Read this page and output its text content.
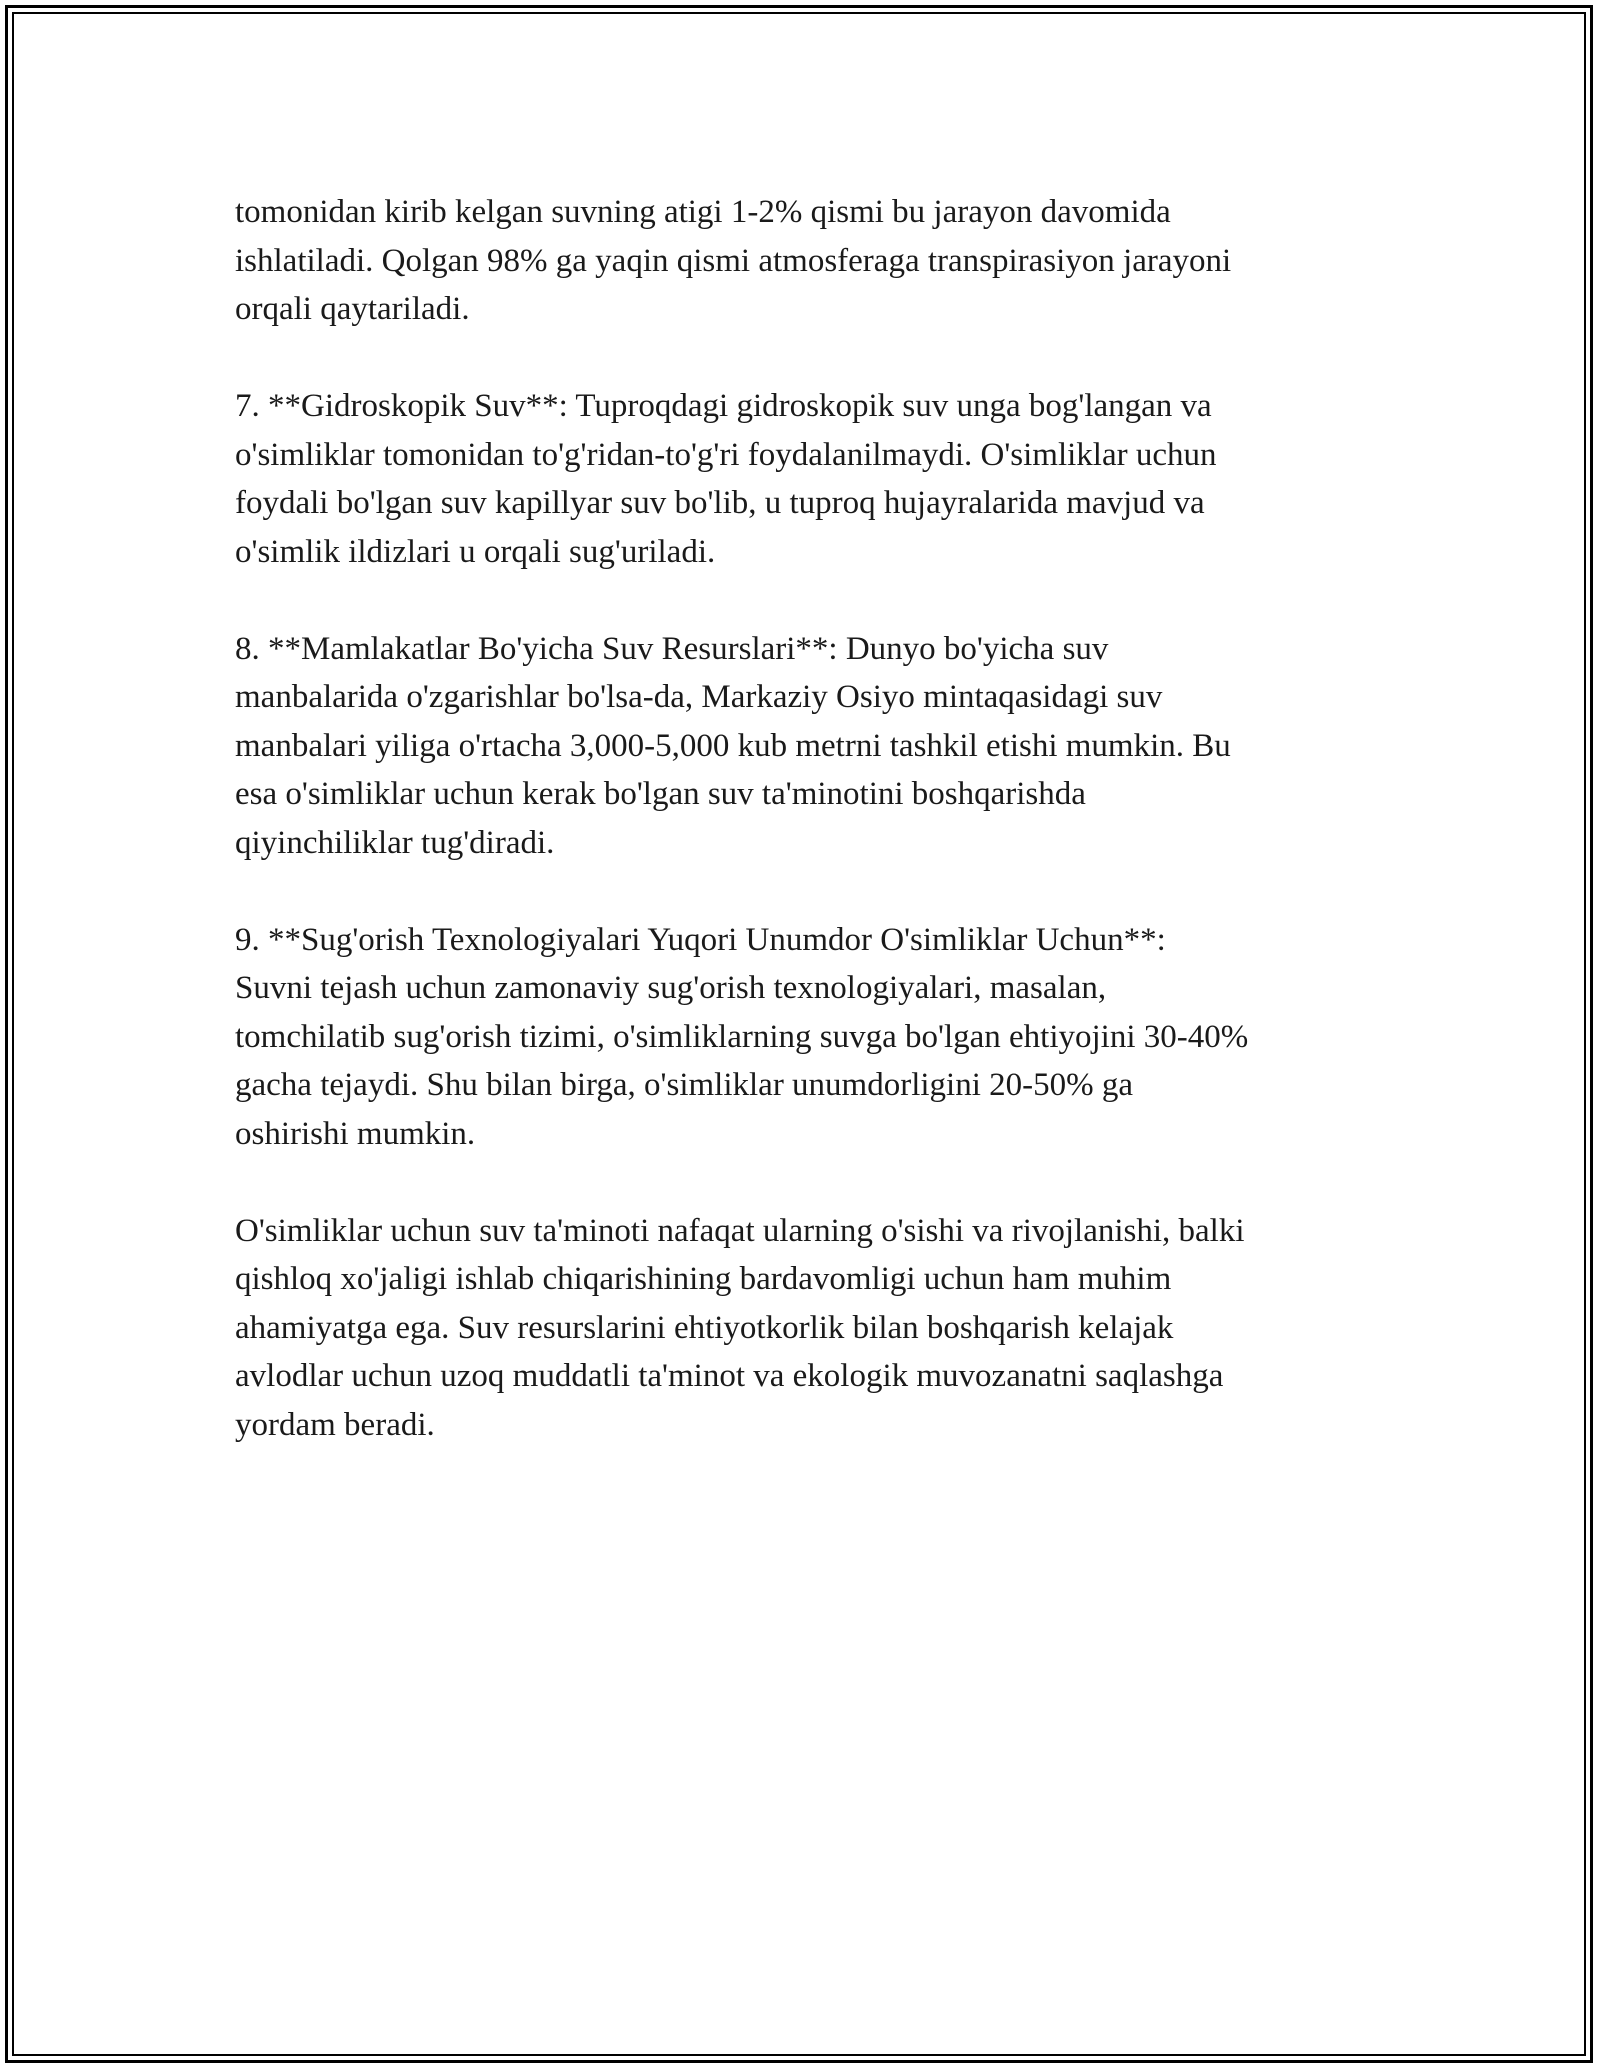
tomonidan kirib kelgan suvning atigi 1-2% qismi bu jarayon davomida
ishlatiladi. Qolgan 98% ga yaqin qismi atmosferaga transpirasiyon jarayoni
orqali qaytariladi.

7. **Gidroskopik Suv**: Tuproqdagi gidroskopik suv unga bog'langan va
o'simliklar tomonidan to'g'ridan-to'g'ri foydalanilmaydi. O'simliklar uchun
foydali bo'lgan suv kapillyar suv bo'lib, u tuproq hujayralarida mavjud va
o'simlik ildizlari u orqali sug'uriladi.

8. **Mamlakatlar Bo'yicha Suv Resurslari**: Dunyo bo'yicha suv
manbalarida o'zgarishlar bo'lsa-da, Markaziy Osiyo mintaqasidagi suv
manbalari yiliga o'rtacha 3,000-5,000 kub metrni tashkil etishi mumkin. Bu
esa o'simliklar uchun kerak bo'lgan suv ta'minotini boshqarishda
qiyinchiliklar tug'diradi.

9. **Sug'orish Texnologiyalari Yuqori Unumdor O'simliklar Uchun**:
Suvni tejash uchun zamonaviy sug'orish texnologiyalari, masalan,
tomchilatib sug'orish tizimi, o'simliklarning suvga bo'lgan ehtiyojini 30-40%
gacha tejaydi. Shu bilan birga, o'simliklar unumdorligini 20-50% ga
oshirishi mumkin.

O'simliklar uchun suv ta'minoti nafaqat ularning o'sishi va rivojlanishi, balki
qishloq xo'jaligi ishlab chiqarishining bardavomligi uchun ham muhim
ahamiyatga ega. Suv resurslarini ehtiyotkorlik bilan boshqarish kelajak
avlodlar uchun uzoq muddatli ta'minot va ekologik muvozanatni saqlashga
yordam beradi.
